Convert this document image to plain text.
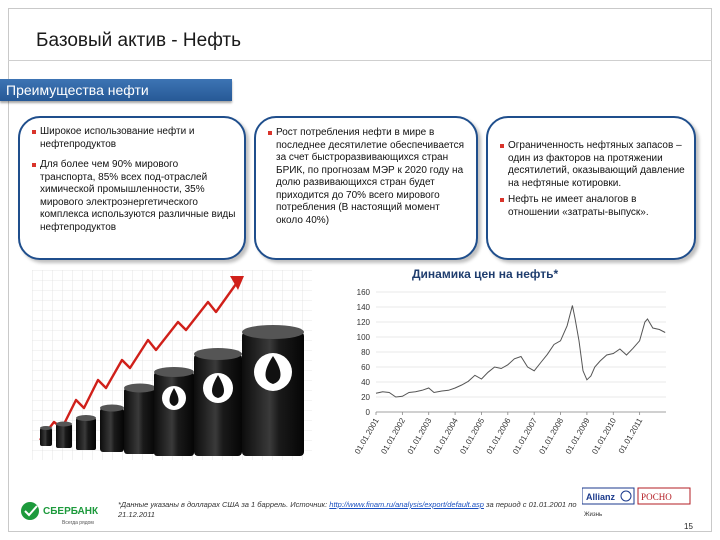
Базовый актив - Нефть
Преимущества нефти

Широкое использование нефти и нефтепродуктов

Для более чем 90% мирового транспорта, 85% всех под-отраслей химической промышленности, 35% мирового электроэнергетического комплекса используются различные виды нефтепродуктов

Рост потребления нефти в мире в последнее десятилетие обеспечивается за счет быстроразвивающихся стран БРИК, по прогнозам МЭР к 2020 году на долю развивающихся стран будет приходится до 70% всего мирового потребления (В настоящий момент около 40%)

Ограниченность нефтяных запасов – один из факторов на протяжении десятилетий, оказывающий давление на нефтяные котировки.

Нефть не имеет аналогов в отношении «затраты-выпуск».

Динамика цен на нефть*
0
20
40
60
80
100
120
140
160
01.01.2001
01.01.2002
01.01.2003
01.01.2004
01.01.2005
01.01.2006
01.01.2007
01.01.2008
01.01.2009
01.01.2010
01.01.2011
СБЕРБАНК
Всегда рядом
*Данные указаны в долларах США за 1 баррель. Источник: http://www.finam.ru/analysis/export/default.asp за период с 01.01.2001 по 21.12.2011
Allianz	РОСНО
Жизнь
15
